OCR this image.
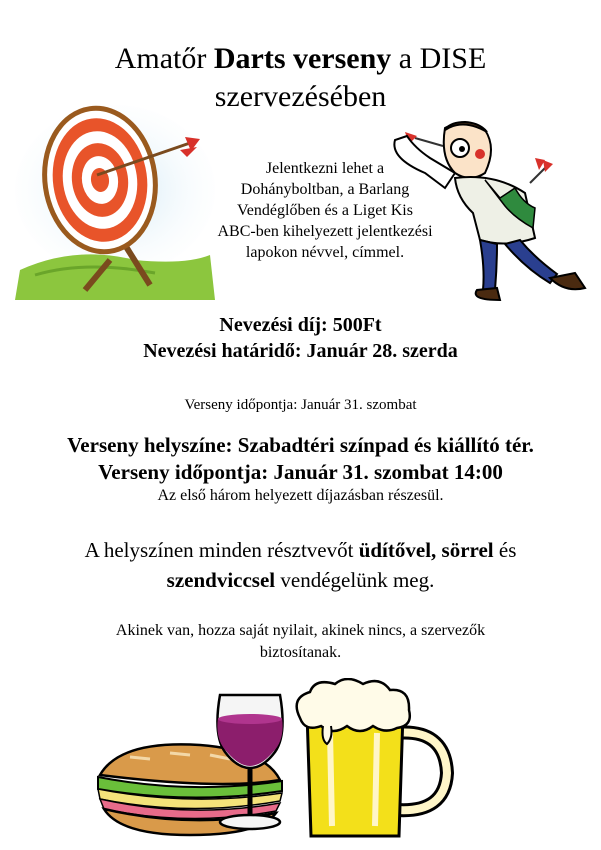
Amatőr Darts verseny a DISE
szervezésében
Jelentkezni lehet a
Dohányboltban, a Barlang
Vendéglőben és a Liget Kis
ABC-ben kihelyezett jelentkezési
lapokon névvel, címmel.
Nevezési díj: 500Ft
Nevezési határidő: Január 28. szerda
Verseny időpontja: Január 31. szombat
Verseny helyszíne: Szabadtéri színpad és kiállító tér.
Verseny időpontja: Január 31. szombat 14:00
Az első három helyezett díjazásban részesül.
A helyszínen minden résztvevőt üdítővel, sörrel és
szendviccsel vendégelünk meg.
Akinek van, hozza saját nyilait, akinek nincs, a szervezők
biztosítanak.
